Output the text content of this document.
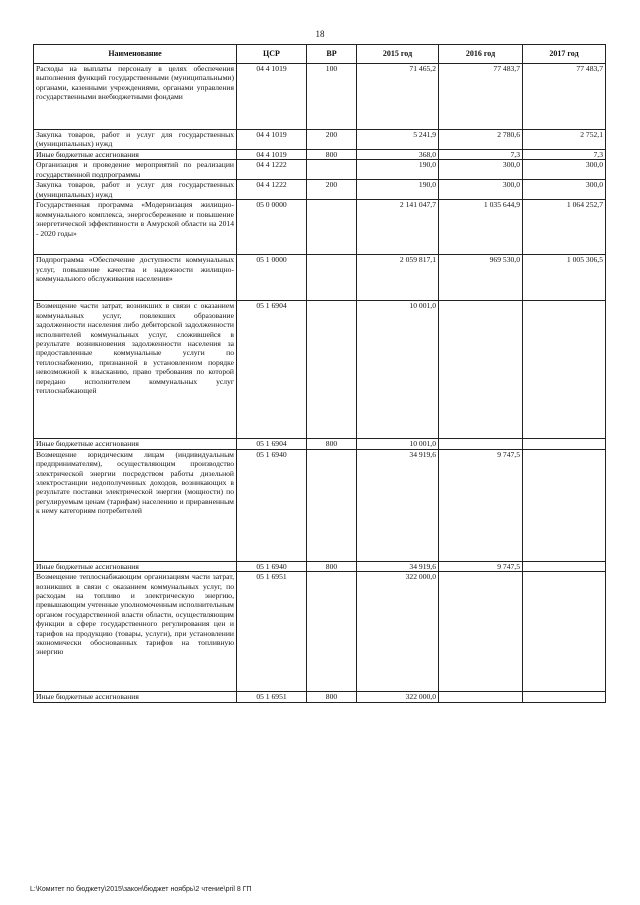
18
Наименование	ЦСР	ВР	2015 год	2016 год	2017 год
Расходы на выплаты персоналу в целях обеспечения выполнения функций государственными (муниципальными) органами, казенными учреждениями, органами управления государственными внебюджетными фондами	04 4 1019	100	71 465,2	77 483,7	77 483,7
Закупка товаров, работ и услуг для государственных (муниципальных) нужд	04 4 1019	200	5 241,9	2 780,6	2 752,1
Иные бюджетные ассигнования	04 4 1019	800	368,0	7,3	7,3
Организация и проведение мероприятий по реализации государственной подпрограммы	04 4 1222		190,0	300,0	300,0
Закупка товаров, работ и услуг для государственных (муниципальных) нужд	04 4 1222	200	190,0	300,0	300,0
Государственная программа «Модернизация жилищно-коммунального комплекса, энергосбережение и повышение энергетической эффективности в Амурской области на 2014 - 2020 годы»	05 0 0000		2 141 047,7	1 035 644,9	1 064 252,7
Подпрограмма «Обеспечение доступности коммунальных услуг, повышение качества и надежности жилищно-коммунального обслуживания населения»	05 1 0000		2 059 817,1	969 530,0	1 005 306,5
Возмещение части затрат, возникших в связи с оказанием коммунальных услуг, повлекших образование задолженности населения либо дебиторской задолженности исполнителей коммунальных услуг, сложившейся в результате возникновения задолженности населения за предоставленные коммунальные услуги по теплоснабжению, признанной в установленном порядке невозможной к взысканию, право требования по которой передано исполнителем коммунальных услуг теплоснабжающей	05 1 6904		10 001,0		
Иные бюджетные ассигнования	05 1 6904	800	10 001,0		
Возмещение юридическим лицам (индивидуальным предпринимателям), осуществляющим производство электрической энергии посредством работы дизельной электростанции недополученных доходов, возникающих в результате поставки электрической энергии (мощности) по регулируемым ценам (тарифам) населению и приравненным к нему категориям потребителей	05 1 6940		34 919,6	9 747,5	
Иные бюджетные ассигнования	05 1 6940	800	34 919,6	9 747,5	
Возмещение теплоснабжающим организациям части затрат, возникших в связи с оказанием коммунальных услуг, по расходам на топливо и электрическую энергию, превышающим учтенные уполномоченным исполнительным органом государственной власти области, осуществляющим функции в сфере государственного регулирования цен и тарифов на продукцию (товары, услуги), при установлении экономически обоснованных тарифов на топливную энергию	05 1 6951		322 000,0		
Иные бюджетные ассигнования	05 1 6951	800	322 000,0		
L:\Комитет по бюджету\2015\закон\бюджет ноябрь\2 чтение\pril 8 ГП
